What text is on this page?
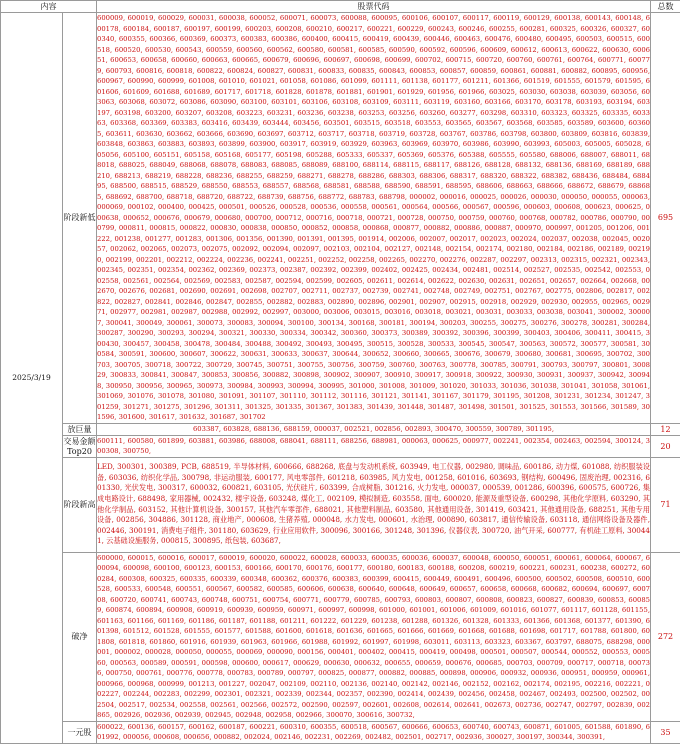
内容		股票代码	总数
2025/3/19	阶段新低	600009, 600019, 600029, 600031, 600038, 600052, 600071, 600073, 600088, 600095, 600106, 600107, 600117, 600119, 600129, 600138, 600143, 600148, 600178, 600184, 600187, 600197, 600199, 600203, 600208, 600210, 600217, 600221, 600229, 600243, 600246, 600255, 600281, 600325, 600326, 600327, 600340, 600355, 600366, 600369, 600373, 600383, 600386, 600400, 600415, 600419, 600439, 600446, 600463, 600476, 600480, 600495, 600503, 600515, 600518, 600520, 600530, 600543, 600559, 600560, 600562, 600580, 600581, 600585, 600590, 600592, 600596, 600609, 600612, 600613, 600622, 600630, 600651, 600653, 600658, 600660, 600663, 600665, 600679, 600696, 600697, 600698, 600699, 600702, 600715, 600720, 600760, 600761, 600764, 600771, 600779, 600793, 600816, 600818, 600822, 600824, 600827, 600831, 600833, 600835, 600843, 600853, 600857, 600859, 600861, 600881, 600882, 600895, 600956, 600967, 600990, 600999, 601008, 601010, 601021, 601058, 601086, 601099, 601111, 601138, 601177, 601211, 601366, 601519, 601555, 601579, 601595, 601606, 601609, 601688, 601689, 601717, 601718, 601828, 601878, 601881, 601901, 601929, 601956, 601966, 603025, 603030, 603038, 603039, 603056, 603063, 603068, 603072, 603086, 603090, 603100, 603101, 603106, 603108, 603109, 603111, 603119, 603160, 603166, 603170, 603178, 603193, 603194, 603197, 603198, 603200, 603207, 603208, 603223, 603231, 603236, 603238, 603253, 603256, 603260, 603277, 603298, 603310, 603323, 603325, 603335, 603363, 603368, 603369, 603383, 603416, 603439, 603444, 603456, 603501, 603515, 603518, 603553, 603565, 603567, 603568, 603585, 603589, 603600, 603605, 603611, 603630, 603662, 603666, 603690, 603697, 603712, 603717, 603718, 603719, 603728, 603767, 603786, 603798, 603800, 603809, 603816, 603839, 603848, 603863, 603883, 603893, 603899, 603900, 603917, 603919, 603929, 603963, 603969, 603970, 603986, 603990, 603993, 605003, 605005, 605028, 605056, 605100, 605151, 605158, 605168, 605177, 605198, 605288, 605333, 605337, 605369, 605376, 605388, 605555, 605580, 688006, 688007, 688011, 688018, 688025, 688049, 688068, 688078, 688083, 688085, 688089, 688100, 688114, 688115, 688117, 688126, 688128, 688132, 688136, 688169, 688189, 688210, 688213, 688219, 688228, 688236, 688255, 688259, 688271, 688278, 688286, 688303, 688306, 688317, 688320, 688322, 688382, 688436, 688484, 688495, 688500, 688515, 688529, 688550, 688553, 688557, 688568, 688581, 688588, 688590, 688591, 688595, 688606, 688663, 688666, 688672, 688679, 688685, 688692, 688700, 688718, 688720, 688722, 688739, 688756, 688772, 688783, 688798, 000002, 000016, 000025, 000026, 000030, 000050, 000055, 000063, 000069, 000102, 000400, 000425, 000501, 000526, 000528, 000536, 000558, 000561, 000564, 000566, 000567, 000596, 000603, 000608, 000623, 000625, 000638, 000652, 000676, 000679, 000680, 000700, 000712, 000716, 000718, 000721, 000728, 000750, 000759, 000760, 000768, 000782, 000786, 000790, 000799, 000811, 000815, 000822, 000830, 000838, 000850, 000852, 000858, 000868, 000877, 000882, 000886, 000887, 000970, 000997, 001205, 001206, 001222, 001238, 001277, 001283, 001306, 001356, 001390, 001391, 001395, 001914, 002006, 002007, 002017, 002023, 002024, 002037, 002038, 002045, 002057, 002062, 002065, 002073, 002075, 002092, 002094, 002097, 002103, 002104, 002127, 002148, 002154, 002174, 002180, 002184, 002186, 002189, 002190, 002199, 002201, 002212, 002224, 002236, 002241, 002251, 002252, 002258, 002265, 002270, 002276, 002287, 002297, 002313, 002315, 002321, 002343, 002345, 002351, 002354, 002362, 002369, 002373, 002387, 002392, 002399, 002402, 002425, 002434, 002481, 002514, 002527, 002535, 002542, 002553, 002558, 002561, 002564, 002569, 002583, 002587, 002594, 002599, 002605, 002611, 002614, 002622, 002630, 002631, 002651, 002657, 002664, 002668, 002670, 002676, 002681, 002690, 002691, 002698, 002707, 002711, 002737, 002739, 002741, 002748, 002749, 002751, 002767, 002775, 002806, 002817, 002822, 002827, 002841, 002846, 002847, 002855, 002882, 002883, 002890, 002896, 002901, 002907, 002915, 002918, 002929, 002930, 002955, 002965, 002971, 002977, 002981, 002987, 002988, 002992, 002997, 003000, 003006, 003015, 003016, 003018, 003021, 003031, 003033, 003038, 003041, 300002, 300007, 300041, 300049, 300061, 300073, 300083, 300094, 300100, 300134, 300168, 300181, 300194, 300203, 300255, 300275, 300276, 300278, 300281, 300284, 300287, 300290, 300293, 300294, 300321, 300330, 300334, 300342, 300360, 300373, 300389, 300392, 300396, 300399, 300403, 300406, 300411, 300415, 300430, 300457, 300458, 300478, 300484, 300488, 300492, 300493, 300495, 300515, 300528, 300533, 300545, 300547, 300563, 300572, 300577, 300581, 300584, 300591, 300600, 300607, 300622, 300631, 300633, 300637, 300644, 300652, 300660, 300665, 300676, 300679, 300680, 300681, 300695, 300702, 300703, 300705, 300718, 300722, 300729, 300745, 300751, 300755, 300756, 300759, 300760, 300763, 300778, 300785, 300791, 300793, 300797, 300801, 300829, 300833, 300841, 300847, 300853, 300856, 300882, 300898, 300902, 300907, 300910, 300917, 300918, 300922, 300930, 300931, 300937, 300942, 300948, 300950, 300956, 300965, 300973, 300984, 300993, 300994, 300995, 301000, 301008, 301009, 301020, 301033, 301036, 301038, 301041, 301058, 301061, 301069, 301076, 301078, 301080, 301091, 301107, 301110, 301112, 301116, 301121, 301141, 301167, 301179, 301195, 301208, 301231, 301234, 301247, 301259, 301271, 301275, 301296, 301311, 301325, 301335, 301367, 301383, 301439, 301448, 301487, 301498, 301501, 301525, 301553, 301566, 301589, 301596, 301600, 301617, 301632, 301687, 301702	695
	放巨量	603387, 603828, 688136, 688159, 000037, 002521, 002856, 002893, 300470, 300559, 300789, 301195,	12
	交易金额Top20	600111, 600580, 601899, 603881, 603986, 688008, 688041, 688111, 688256, 688981, 000063, 000625, 000977, 002241, 002354, 002463, 002594, 300124, 300308, 300750,	20
	阶段新高	LED, 300301, 300389, PCB, 688519, 半导体材料, 600666, 688268, 底盘与发动机系统, 603949, 电工仪器, 002980, 调味品, 600186, 动力煤, 601088, 纺织服装设备, 603036, 纺织化学品, 300798, 非运动服装, 600177, 风电零部件, 601218, 603985, 风力发电, 001258, 601016, 603693, 钢结构, 600496, 固废治理, 002316, 601330, 光伏发电, 300317, 600032, 600821, 603105, 光伏硅片, 603399, 合成树脂, 301216, 火力发电, 000037, 000539, 001286, 600396, 600575, 600726, 集成电路设计, 688498, 家用器械, 002432, 楼宇设备, 603248, 煤化工, 002109, 模拟制造, 603558, 面电, 600020, 能源及重型设备, 600298, 其他化学原料, 603290, 其他化学制品, 603152, 其他计算机设备, 300157, 其他汽车零部件, 688021, 其他塑料制品, 603580, 其他通用设备, 301419, 603421, 其他通用设备, 688251, 其他专用设备, 002856, 304886, 301128, 商业地产, 000608, 生猪养殖, 000048, 水力发电, 000601, 水治理, 000890, 603817, 通信传输设备, 603118, 通信网络设备及器件, 002446, 300191, 消费电子组件, 301180, 603629, 行业应用软件, 300096, 300166, 301248, 301396, 仪器仪表, 300720, 油气开采, 600777, 有机硅工原料, 300441, 云基础设施服务, 000815, 300895, 纸包装, 603687,	71
	破净	600000, 600015, 600016, 600017, 600019, 600020, 600022, 600028, 600033, 600035, 600036, 600037, 600048, 600050, 600051, 600061, 600064, 600067, 600094, 600098, 600100, 600123, 600153, 600166, 600170, 600176, 600177, 600180, 600183, 600188, 600208, 600219, 600221, 600231, 600238, 600272, 600284, 600308, 600325, 600335, 600339, 600348, 600362, 600376, 600383, 600399, 600415, 600449, 600491, 600496, 600500, 600502, 600508, 600510, 600528, 600533, 600548, 600551, 600567, 600582, 600585, 600606, 600638, 600640, 600648, 600649, 600657, 600658, 600668, 600682, 600694, 600697, 600708, 600720, 600741, 600743, 600748, 600751, 600754, 600771, 600779, 600785, 600793, 600803, 600807, 600808, 600823, 600827, 600839, 600853, 600859, 600874, 600894, 600908, 600919, 600939, 600959, 600971, 600997, 600998, 601000, 601001, 601006, 601009, 601016, 601077, 601117, 601128, 601155, 601163, 601166, 601169, 601186, 601187, 601188, 601211, 601222, 601229, 601238, 601288, 601326, 601328, 601333, 601366, 601368, 601377, 601390, 601398, 601512, 601528, 601555, 601577, 601588, 601600, 601618, 601636, 601665, 601666, 601669, 601668, 601688, 601698, 601717, 601788, 601800, 601808, 601818, 601860, 601916, 601939, 601963, 601966, 601988, 601992, 601997, 601998, 603011, 603113, 603323, 603367, 603797, 688075, 688298, 000001, 000002, 000028, 000050, 000055, 000069, 000090, 000156, 000401, 000402, 000415, 000419, 000498, 000501, 000507, 000544, 000552, 000553, 000560, 000563, 000589, 000591, 000598, 000600, 000617, 000629, 000630, 000632, 000655, 000659, 000676, 000685, 000703, 000709, 000717, 000718, 000736, 000750, 000761, 000776, 000778, 000783, 000789, 000797, 000825, 000877, 000882, 000885, 000898, 000906, 000932, 000936, 000951, 000959, 000961, 000966, 000968, 000999, 001213, 001227, 002047, 002109, 002110, 002136, 002140, 002142, 002146, 002152, 002162, 002174, 002195, 002216, 002221, 002227, 002244, 002283, 002299, 002301, 002321, 002339, 002344, 002357, 002390, 002414, 002439, 002456, 002458, 002467, 002493, 002500, 002502, 002504, 002517, 002534, 002558, 002561, 002566, 002572, 002590, 002597, 002601, 002608, 002614, 002641, 002673, 002736, 002747, 002797, 002839, 002865, 002926, 002936, 002939, 002945, 002948, 002958, 002966, 300070, 300616, 300732,	272
	一元股	600022, 600136, 600157, 600162, 600187, 600221, 600310, 600355, 600518, 600567, 600666, 600653, 600740, 600743, 600871, 601005, 601588, 601890, 601992, 000056, 000608, 000656, 000882, 002024, 002146, 002231, 002269, 002482, 002501, 002717, 002936, 300027, 300197, 300344, 300391,	35
